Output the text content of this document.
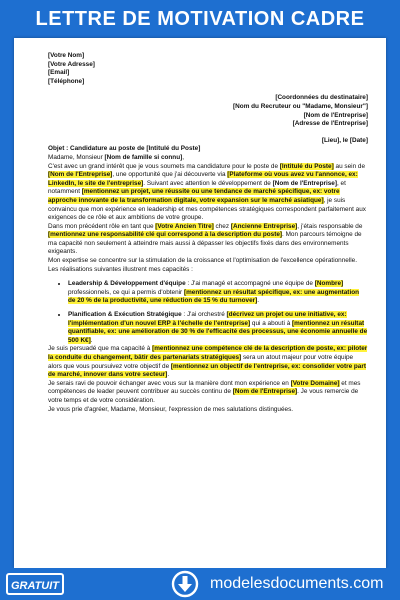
LETTRE DE MOTIVATION CADRE
[Votre Nom]
[Votre Adresse]
[Email]
[Téléphone]
[Coordonnées du destinataire]
[Nom du Recruteur ou "Madame, Monsieur"]
[Nom de l'Entreprise]
[Adresse de l'Entreprise]
[Lieu], le [Date]

Objet : Candidature au poste de [Intitulé du Poste]

Madame, Monsieur [Nom de famille si connu],

C'est avec un grand intérêt que je vous soumets ma candidature pour le poste de [Intitulé du Poste] au sein de [Nom de l'Entreprise], une opportunité que j'ai découverte via [Plateforme où vous avez vu l'annonce, ex: LinkedIn, le site de l'entreprise]. Suivant avec attention le développement de [Nom de l'Entreprise], et notamment [mentionnez un projet, une réussite ou une tendance de marché spécifique, ex: votre approche innovante de la transformation digitale, votre expansion sur le marché asiatique], je suis convaincu que mon expérience en leadership et mes compétences stratégiques correspondent parfaitement aux exigences de ce rôle et aux ambitions de votre groupe.

Dans mon précédent rôle en tant que [Votre Ancien Titre] chez [Ancienne Entreprise], j'étais responsable de [mentionnez une responsabilité clé qui correspond à la description du poste]. Mon parcours témoigne de ma capacité non seulement à atteindre mais aussi à dépasser les objectifs fixés dans des environnements exigeants.

Mon expertise se concentre sur la stimulation de la croissance et l'optimisation de l'excellence opérationnelle. Les réalisations suivantes illustrent mes capacités :

• Leadership & Développement d'équipe : J'ai managé et accompagné une équipe de [Nombre] professionnels, ce qui a permis d'obtenir [mentionnez un résultat spécifique, ex: une augmentation de 20 % de la productivité, une réduction de 15 % du turnover].
• Planification & Exécution Stratégique : J'ai orchestré [décrivez un projet ou une initiative, ex: l'implémentation d'un nouvel ERP à l'échelle de l'entreprise] qui a abouti à [mentionnez un résultat quantifiable, ex: une amélioration de 30 % de l'efficacité des processus, une économie annuelle de 500 K€].

Je suis persuadé que ma capacité à [mentionnez une compétence clé de la description de poste, ex: piloter la conduite du changement, bâtir des partenariats stratégiques] sera un atout majeur pour votre équipe alors que vous poursuivez votre objectif de [mentionnez un objectif de l'entreprise, ex: consolider votre part de marché, innover dans votre secteur].

Je serais ravi de pouvoir échanger avec vous sur la manière dont mon expérience en [Votre Domaine] et mes compétences de leader peuvent contribuer au succès continu de [Nom de l'Entreprise]. Je vous remercie de votre temps et de votre considération.

Je vous prie d'agréer, Madame, Monsieur, l'expression de mes salutations distinguées.

GRATUIT	modelesdocuments.com
